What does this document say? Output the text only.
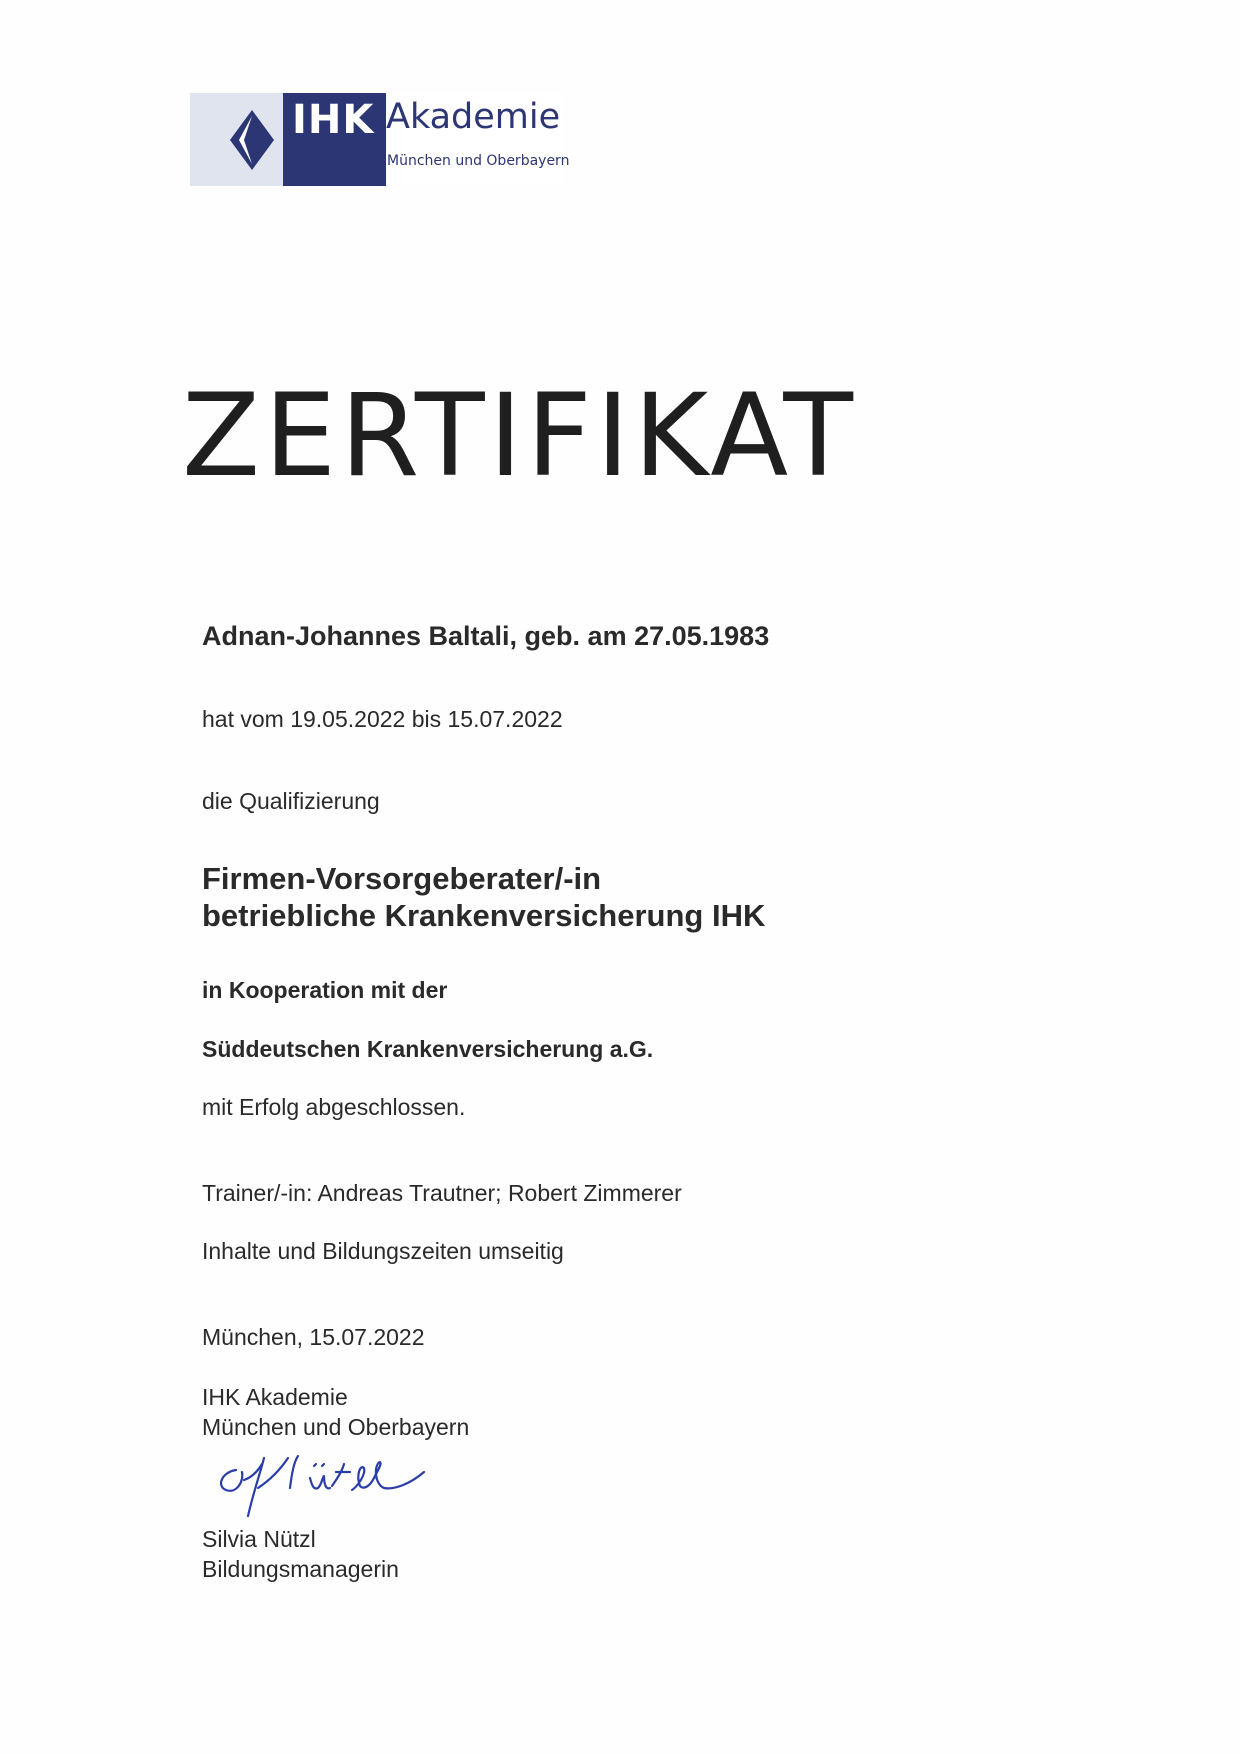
IHK Akademie
München und Oberbayern
ZERTIFIKAT
Adnan-Johannes Baltali, geb. am 27.05.1983
hat vom 19.05.2022 bis 15.07.2022
die Qualifizierung
Firmen-Vorsorgeberater/-in
betriebliche Krankenversicherung IHK
in Kooperation mit der
Süddeutschen Krankenversicherung a.G.
mit Erfolg abgeschlossen.
Trainer/-in: Andreas Trautner; Robert Zimmerer
Inhalte und Bildungszeiten umseitig
München, 15.07.2022
IHK Akademie
München und Oberbayern
Silvia Nützl
Bildungsmanagerin
